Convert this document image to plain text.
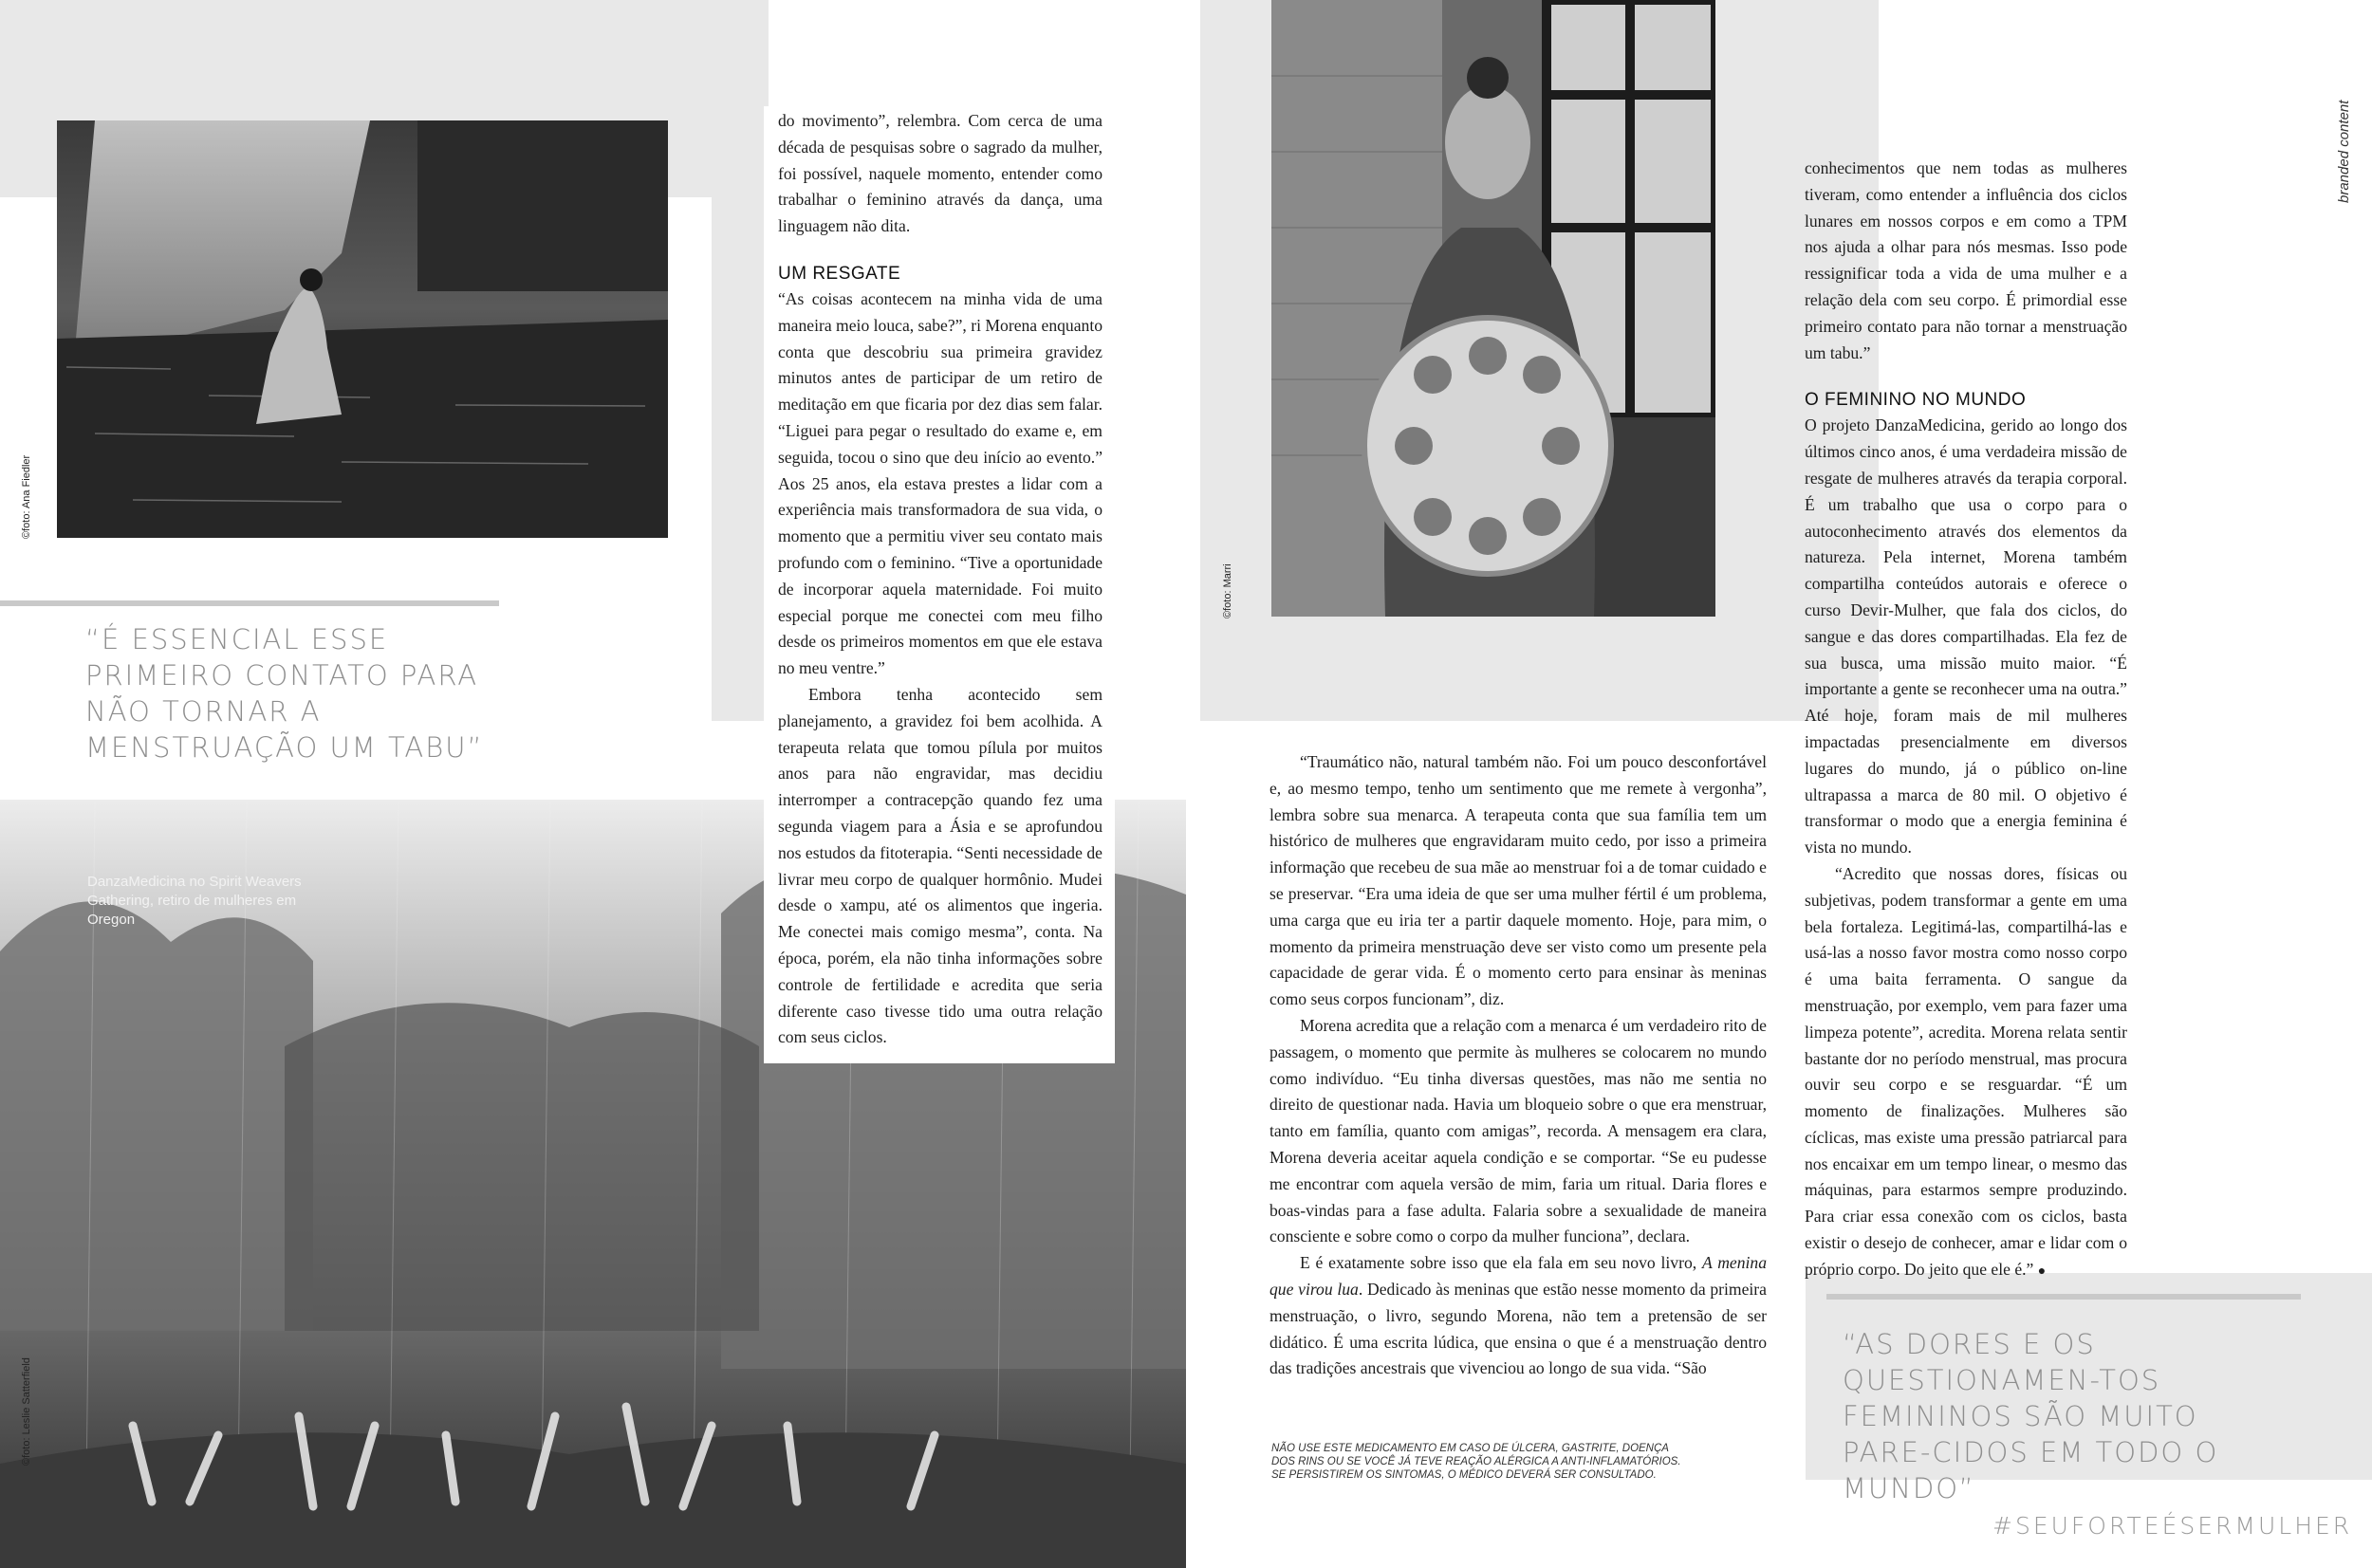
©foto: Ana Fiedler
“É ESSENCIAL ESSE PRIMEIRO CONTATO PARA NÃO TORNAR A MENSTRUAÇÃO UM TABU”
DanzaMedicina no Spirit Weavers Gathering, retiro de mulheres em Oregon
©foto: Leslie Satterfield

do movimento”, relembra. Com cerca de uma década de pesquisas sobre o sagrado da mulher, foi possível, naquele momento, entender como trabalhar o feminino através da dança, uma linguagem não dita.

UM RESGATE

“As coisas acontecem na minha vida de uma maneira meio louca, sabe?”, ri Morena enquanto conta que descobriu sua primeira gravidez minutos antes de participar de um retiro de meditação em que ficaria por dez dias sem falar. “Liguei para pegar o resultado do exame e, em seguida, tocou o sino que deu início ao evento.” Aos 25 anos, ela estava prestes a lidar com a experiência mais transformadora de sua vida, o momento que a permitiu viver seu contato mais profundo com o feminino. “Tive a oportunidade de incorporar aquela maternidade. Foi muito especial porque me conectei com meu filho desde os primeiros momentos em que ele estava no meu ventre.”

Embora tenha acontecido sem planejamento, a gravidez foi bem acolhida. A terapeuta relata que tomou pílula por muitos anos para não engravidar, mas decidiu interromper a contracepção quando fez uma segunda viagem para a Ásia e se aprofundou nos estudos da fitoterapia. “Senti necessidade de livrar meu corpo de qualquer hormônio. Mudei desde o xampu, até os alimentos que ingeria. Me conectei mais comigo mesma”, conta. Na época, porém, ela não tinha informações sobre controle de fertilidade e acredita que seria diferente caso tivesse tido uma outra relação com seus ciclos.

©foto: Marri

“Traumático não, natural também não. Foi um pouco desconfortável e, ao mesmo tempo, tenho um sentimento que me remete à vergonha”, lembra sobre sua menarca. A terapeuta conta que sua família tem um histórico de mulheres que engravidaram muito cedo, por isso a primeira informação que recebeu de sua mãe ao menstruar foi a de tomar cuidado e se preservar. “Era uma ideia de que ser uma mulher fértil é um problema, uma carga que eu iria ter a partir daquele momento. Hoje, para mim, o momento da primeira menstruação deve ser visto como um presente pela capacidade de gerar vida. É o momento certo para ensinar às meninas como seus corpos funcionam”, diz.

Morena acredita que a relação com a menarca é um verdadeiro rito de passagem, o momento que permite às mulheres se colocarem no mundo como indivíduo. “Eu tinha diversas questões, mas não me sentia no direito de questionar nada. Havia um bloqueio sobre o que era menstruar, tanto em família, quanto com amigas”, recorda. A mensagem era clara, Morena deveria aceitar aquela condição e se comportar. “Se eu pudesse me encontrar com aquela versão de mim, faria um ritual. Daria flores e boas-vindas para a fase adulta. Falaria sobre a sexualidade de maneira consciente e sobre como o corpo da mulher funciona”, declara.

E é exatamente sobre isso que ela fala em seu novo livro, A menina que virou lua. Dedicado às meninas que estão nesse momento da primeira menstruação, o livro, segundo Morena, não tem a pretensão de ser didático. É uma escrita lúdica, que ensina o que é a menstruação dentro das tradições ancestrais que vivenciou ao longo de sua vida. “São

NÃO USE ESTE MEDICAMENTO EM CASO DE ÚLCERA, GASTRITE, DOENÇA DOS RINS OU SE VOCÊ JÁ TEVE REAÇÃO ALÉRGICA A ANTI-INFLAMATÓRIOS. SE PERSISTIREM OS SINTOMAS, O MÉDICO DEVERÁ SER CONSULTADO.

conhecimentos que nem todas as mulheres tiveram, como entender a influência dos ciclos lunares em nossos corpos e em como a TPM nos ajuda a olhar para nós mesmas. Isso pode ressignificar toda a vida de uma mulher e a relação dela com seu corpo. É primordial esse primeiro contato para não tornar a menstruação um tabu.”

O FEMININO NO MUNDO

O projeto DanzaMedicina, gerido ao longo dos últimos cinco anos, é uma verdadeira missão de resgate de mulheres através da terapia corporal. É um trabalho que usa o corpo para o autoconhecimento através dos elementos da natureza. Pela internet, Morena também compartilha conteúdos autorais e oferece o curso Devir-Mulher, que fala dos ciclos, do sangue e das dores compartilhadas. Ela fez de sua busca, uma missão muito maior. “É importante a gente se reconhecer uma na outra.” Até hoje, foram mais de mil mulheres impactadas presencialmente em diversos lugares do mundo, já o público on-line ultrapassa a marca de 80 mil. O objetivo é transformar o modo que a energia feminina é vista no mundo.

“Acredito que nossas dores, físicas ou subjetivas, podem transformar a gente em uma bela fortaleza. Legitimá-las, compartilhá-las e usá-las a nosso favor mostra como nosso corpo é uma baita ferramenta. O sangue da menstruação, por exemplo, vem para fazer uma limpeza potente”, acredita. Morena relata sentir bastante dor no período menstrual, mas procura ouvir seu corpo e se resguardar. “É um momento de finalizações. Mulheres são cíclicas, mas existe uma pressão patriarcal para nos encaixar em um tempo linear, o mesmo das máquinas, para estarmos sempre produzindo. Para criar essa conexão com os ciclos, basta existir o desejo de conhecer, amar e lidar com o próprio corpo. Do jeito que ele é.” ●

“AS DORES E OS QUESTIONAMEN-TOS FEMININOS SÃO MUITO PARE-CIDOS EM TODO O MUNDO”
branded content
#SEUFORTEÉSERMULHER
